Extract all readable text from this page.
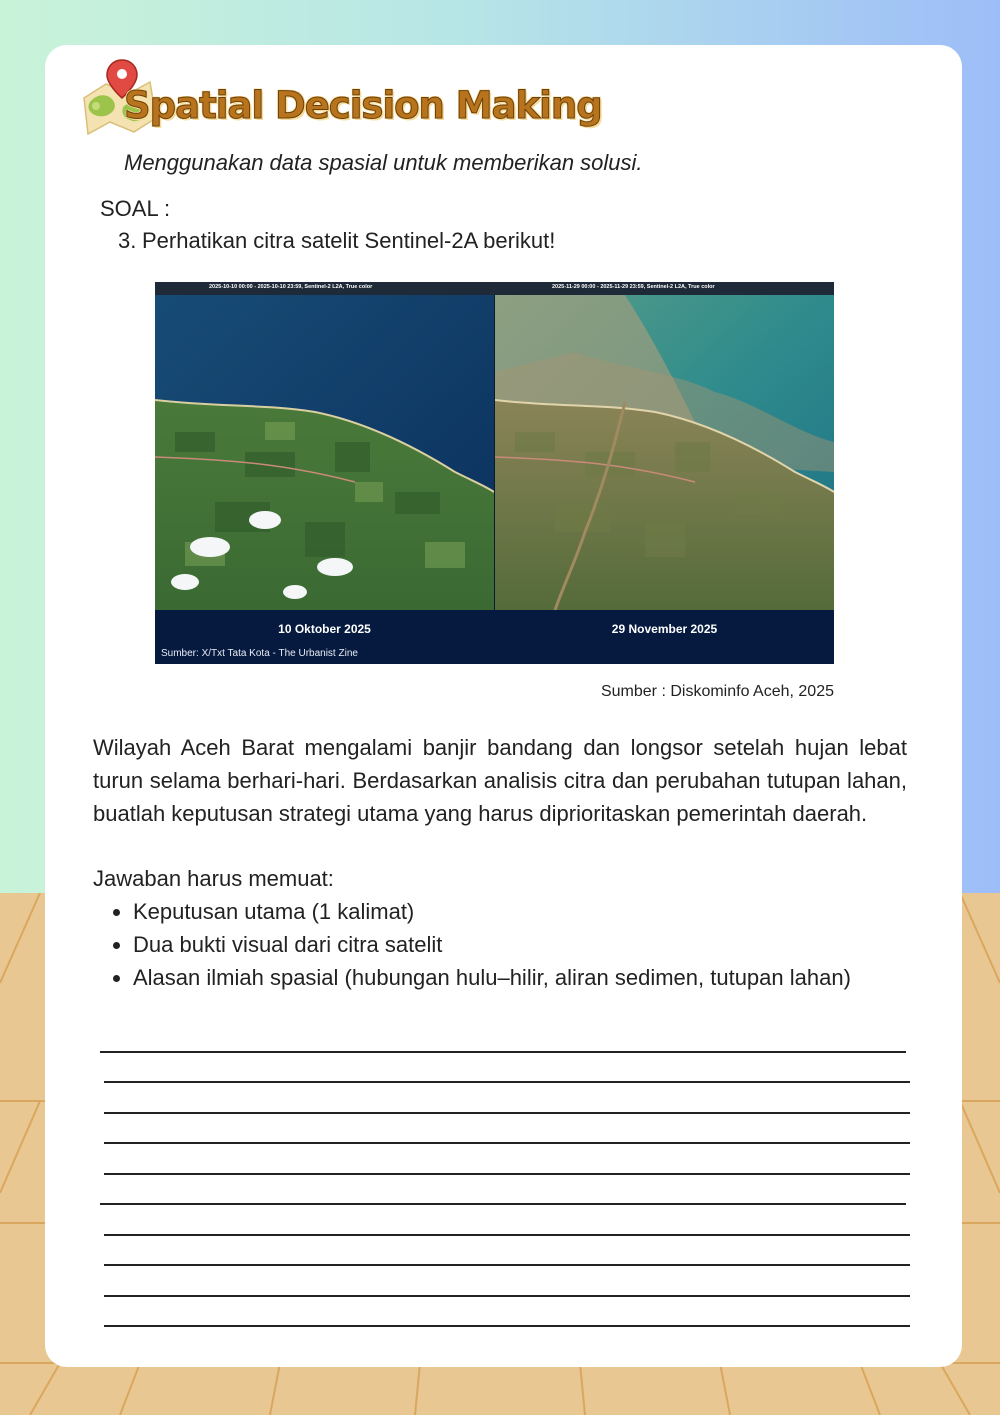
Spatial Decision Making

Menggunakan data spasial untuk memberikan solusi.

SOAL :
3. Perhatikan citra satelit Sentinel-2A berikut!
2025-10-10 00:00 - 2025-10-10 23:59, Sentinel-2 L2A, True color	2025-11-29 00:00 - 2025-11-29 23:59, Sentinel-2 L2A, True color
10 Oktober 2025	29 November 2025
Sumber: X/Txt Tata Kota - The Urbanist Zine
Sumber : Diskominfo Aceh, 2025

Wilayah Aceh Barat mengalami banjir bandang dan longsor setelah hujan lebat turun selama berhari-hari. Berdasarkan analisis citra dan perubahan tutupan lahan, buatlah keputusan strategi utama yang harus diprioritaskan pemerintah daerah.

Jawaban harus memuat:
Keputusan utama (1 kalimat)
Dua bukti visual dari citra satelit
Alasan ilmiah spasial (hubungan hulu–hilir, aliran sedimen, tutupan lahan)
